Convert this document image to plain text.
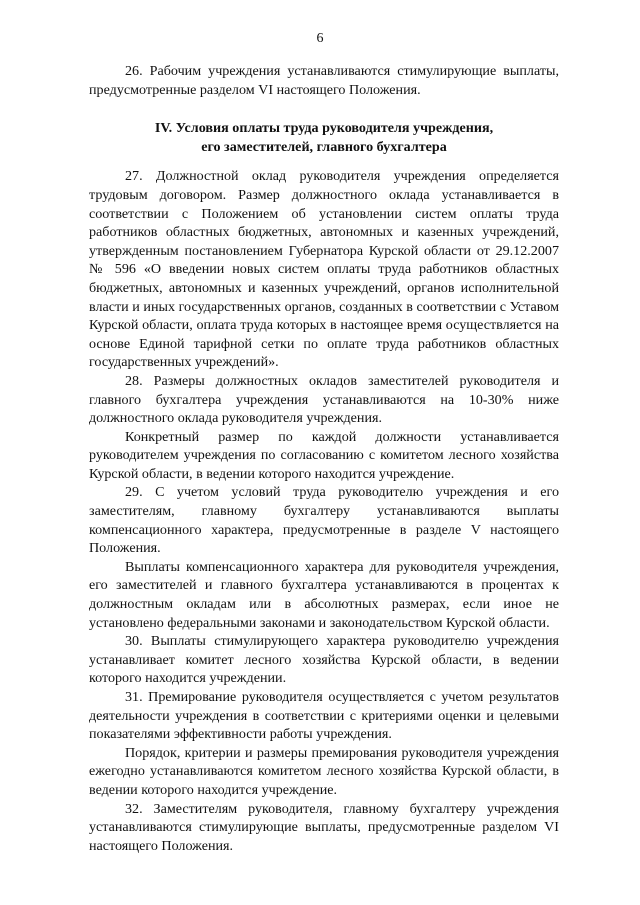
6

26. Рабочим учреждения устанавливаются стимулирующие выплаты, предусмотренные разделом VI настоящего Положения.

IV. Условия оплаты труда руководителя учреждения,
его заместителей, главного бухгалтера

27. Должностной оклад руководителя учреждения определяется трудовым договором. Размер должностного оклада устанавливается в соответствии с Положением об установлении систем оплаты труда работников областных бюджетных, автономных и казенных учреждений, утвержденным постановлением Губернатора Курской области от 29.12.2007 № 596 «О введении новых систем оплаты труда работников областных бюджетных, автономных и казенных учреждений, органов исполнительной власти и иных государственных органов, созданных в соответствии с Уставом Курской области, оплата труда которых в настоящее время осуществляется на основе Единой тарифной сетки по оплате труда работников областных государственных учреждений».

28. Размеры должностных окладов заместителей руководителя и главного бухгалтера учреждения устанавливаются на 10-30% ниже должностного оклада руководителя учреждения.

Конкретный размер по каждой должности устанавливается руководителем учреждения по согласованию с комитетом лесного хозяйства Курской области, в ведении которого находится учреждение.

29. С учетом условий труда руководителю учреждения и его заместителям, главному бухгалтеру устанавливаются выплаты компенсационного характера, предусмотренные в разделе V настоящего Положения.

Выплаты компенсационного характера для руководителя учреждения, его заместителей и главного бухгалтера устанавливаются в процентах к должностным окладам или в абсолютных размерах, если иное не установлено федеральными законами и законодательством Курской области.

30. Выплаты стимулирующего характера руководителю учреждения устанавливает комитет лесного хозяйства Курской области, в ведении которого находится учреждении.

31. Премирование руководителя осуществляется с учетом результатов деятельности учреждения в соответствии с критериями оценки и целевыми показателями эффективности работы учреждения.

Порядок, критерии и размеры премирования руководителя учреждения ежегодно устанавливаются комитетом лесного хозяйства Курской области, в ведении которого находится учреждение.

32. Заместителям руководителя, главному бухгалтеру учреждения устанавливаются стимулирующие выплаты, предусмотренные разделом VI настоящего Положения.
